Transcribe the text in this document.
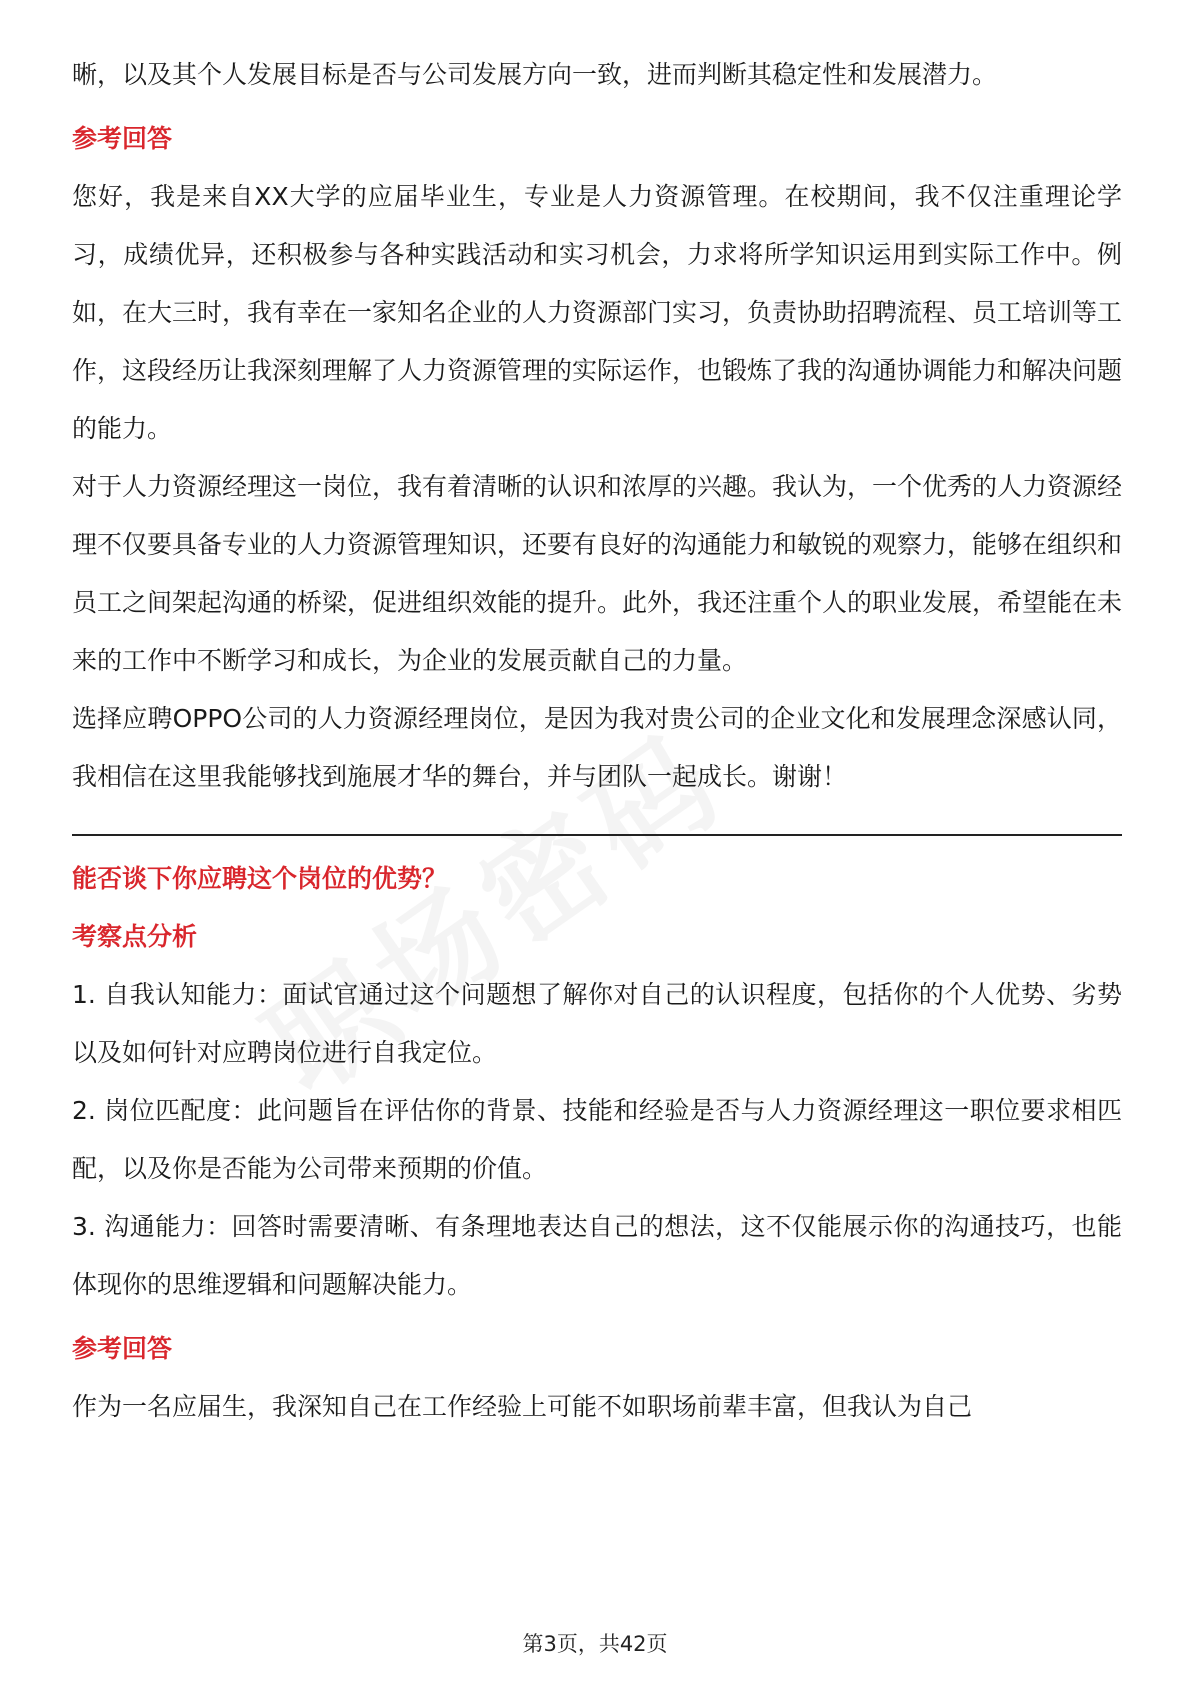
晰，以及其个人发展目标是否与公司发展方向一致，进而判断其稳定性和发展潜力。

参考回答

您好，我是来自XX大学的应届毕业生，专业是人力资源管理。在校期间，我不仅注重理论学习，成绩优异，还积极参与各种实践活动和实习机会，力求将所学知识运用到实际工作中。例如，在大三时，我有幸在一家知名企业的人力资源部门实习，负责协助招聘流程、员工培训等工作，这段经历让我深刻理解了人力资源管理的实际运作，也锻炼了我的沟通协调能力和解决问题的能力。

对于人力资源经理这一岗位，我有着清晰的认识和浓厚的兴趣。我认为，一个优秀的人力资源经理不仅要具备专业的人力资源管理知识，还要有良好的沟通能力和敏锐的观察力，能够在组织和员工之间架起沟通的桥梁，促进组织效能的提升。此外，我还注重个人的职业发展，希望能在未来的工作中不断学习和成长，为企业的发展贡献自己的力量。

选择应聘OPPO公司的人力资源经理岗位，是因为我对贵公司的企业文化和发展理念深感认同，我相信在这里我能够找到施展才华的舞台，并与团队一起成长。谢谢！

能否谈下你应聘这个岗位的优势？

考察点分析

1. 自我认知能力：面试官通过这个问题想了解你对自己的认识程度，包括你的个人优势、劣势以及如何针对应聘岗位进行自我定位。

2. 岗位匹配度：此问题旨在评估你的背景、技能和经验是否与人力资源经理这一职位要求相匹配，以及你是否能为公司带来预期的价值。

3. 沟通能力：回答时需要清晰、有条理地表达自己的想法，这不仅能展示你的沟通技巧，也能体现你的思维逻辑和问题解决能力。

参考回答

作为一名应届生，我深知自己在工作经验上可能不如职场前辈丰富，但我认为自己

第3页，共42页
